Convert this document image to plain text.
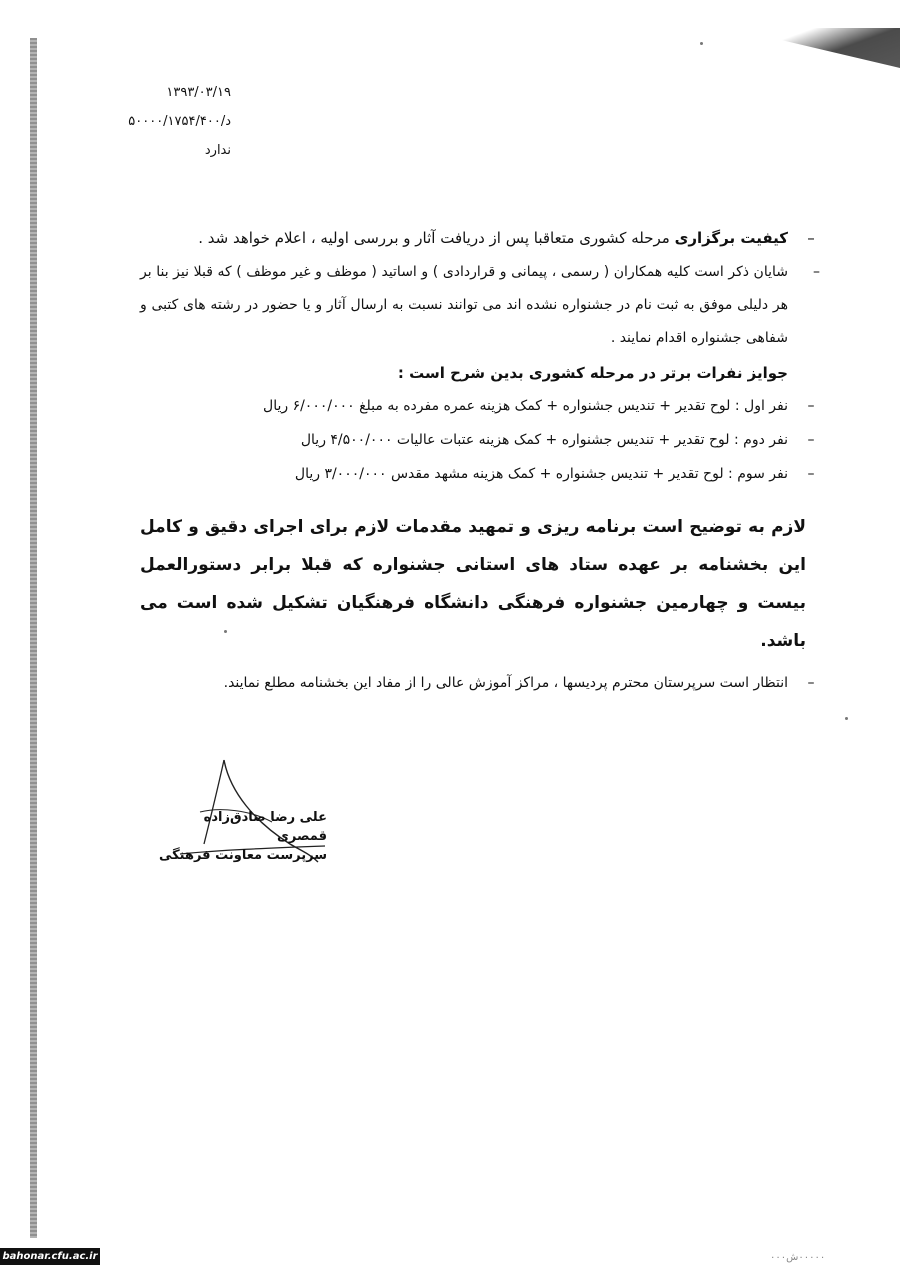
۱۳۹۳/۰۳/۱۹
د/۵۰۰۰۰/۱۷۵۴/۴۰۰
ندارد
–
کیفیت برگزاری مرحله کشوری متعاقبا پس از دریافت آثار و بررسی اولیه ، اعلام خواهد شد .
–
شایان ذکر است کلیه همکاران ( رسمی ، پیمانی و قراردادی ) و اساتید ( موظف و غیر موظف ) که قبلا نیز بنا بر هر دلیلی موفق به ثبت نام در جشنواره نشده اند می توانند نسبت به ارسال آثار و یا حضور در رشته های کتبی و شفاهی جشنواره اقدام نمایند .
جوایز نفرات برتر در مرحله کشوری بدین شرح است :
–
نفر اول : لوح تقدیر + تندیس جشنواره + کمک هزینه عمره مفرده به مبلغ ۶/۰۰۰/۰۰۰ ریال
–
نفر دوم : لوح تقدیر + تندیس جشنواره + کمک هزینه عتبات عالیات ۴/۵۰۰/۰۰۰ ریال
–
نفر سوم : لوح تقدیر + تندیس جشنواره + کمک هزینه مشهد مقدس ۳/۰۰۰/۰۰۰ ریال
لازم به توضیح است برنامه ریزی و تمهید مقدمات لازم برای اجرای دقیق و کامل این بخشنامه بر عهده ستاد های استانی جشنواره که قبلا برابر دستورالعمل بیست و چهارمین جشنواره فرهنگی دانشگاه فرهنگیان تشکیل شده است می باشد.
–
انتظار است سرپرستان محترم پردیسها ، مراکز آموزش عالی را از مفاد این بخشنامه مطلع نمایند.
علی رضا صادق‌زاده قمصری
سرپرست معاونت فرهنگی
bahonar.cfu.ac.ir	۰۰۰۰۰ش۰۰۰
